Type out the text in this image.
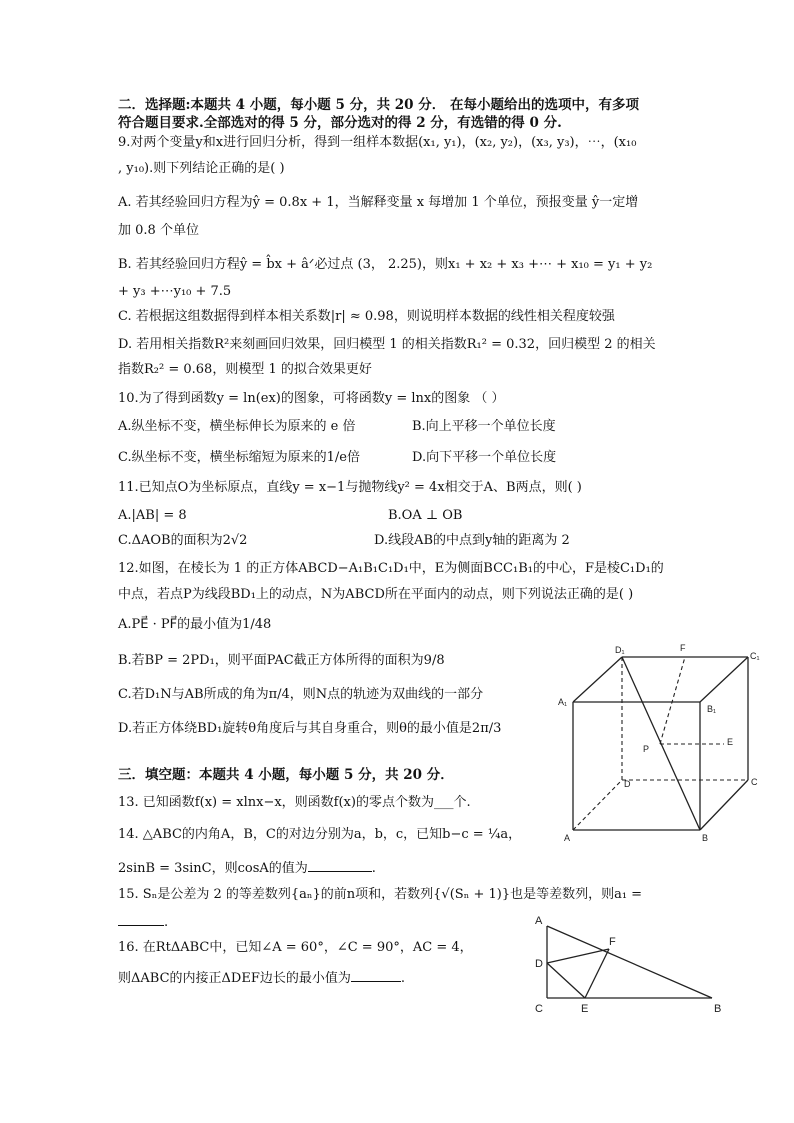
二．选择题:本题共 4 小题，每小题 5 分，共 20 分． 在每小题给出的选项中，有多项
符合题目要求.全部选对的得 5 分，部分选对的得 2 分，有选错的得 0 分.
9.对两个变量y和x进行回归分析，得到一组样本数据(x₁, y₁)，(x₂, y₂)，(x₃, y₃)，⋯，(x₁₀
, y₁₀).则下列结论正确的是( )
A. 若其经验回归方程为ŷ = 0.8x + 1，当解释变量 x 每增加 1 个单位，预报变量 ŷ一定增
加 0.8 个单位
B. 若其经验回归方程ŷ = b̂x + âᐟ必过点 (3， 2.25)，则x₁ + x₂ + x₃ +⋯ + x₁₀ = y₁ + y₂
+ y₃ +⋯y₁₀ + 7.5
C. 若根据这组数据得到样本相关系数|r| ≈ 0.98，则说明样本数据的线性相关程度较强
D. 若用相关指数R²来刻画回归效果，回归模型 1 的相关指数R₁² = 0.32，回归模型 2 的相关
指数R₂² = 0.68，则模型 1 的拟合效果更好
10.为了得到函数y = ln(ex)的图象，可将函数y = lnx的图象 （ ）
A.纵坐标不变，横坐标伸长为原来的 e 倍	B.向上平移一个单位长度
C.纵坐标不变，横坐标缩短为原来的1/e倍	D.向下平移一个单位长度
11.已知点O为坐标原点，直线y = x−1与抛物线y² = 4x相交于A、B两点，则( )
A.|AB| = 8	B.OA ⊥ OB
C.ΔAOB的面积为2√2	D.线段AB的中点到y轴的距离为 2
12.如图，在棱长为 1 的正方体ABCD−A₁B₁C₁D₁中，E为侧面BCC₁B₁的中心，F是棱C₁D₁的
中点，若点P为线段BD₁上的动点，N为ABCD所在平面内的动点，则下列说法正确的是( )
A.PE⃗ · PF⃗的最小值为1/48
B.若BP = 2PD₁，则平面PAC截正方体所得的面积为9/8
C.若D₁N与AB所成的角为π/4，则N点的轨迹为双曲线的一部分
D.若正方体绕BD₁旋转θ角度后与其自身重合，则θ的最小值是2π/3
三．填空题：本题共 4 小题，每小题 5 分，共 20 分．
13. 已知函数f(x) = xlnx−x，则函数f(x)的零点个数为___个.
14. △ABC的内角A，B，C的对边分别为a，b，c，已知b−c = ¼a，
2sinB = 3sinC，则cosA的值为	.
15. Sₙ是公差为 2 的等差数列{aₙ}的前n项和，若数列{√(Sₙ + 1)}也是等差数列，则a₁ =
.
16. 在RtΔABC中，已知∠A = 60°，∠C = 90°，AC = 4，
则ΔABC的内接正ΔDEF边长的最小值为	.
D₁	F
C₁
A₁
B₁
P
E
D	C
A	B
A
F
D
C	E	B
